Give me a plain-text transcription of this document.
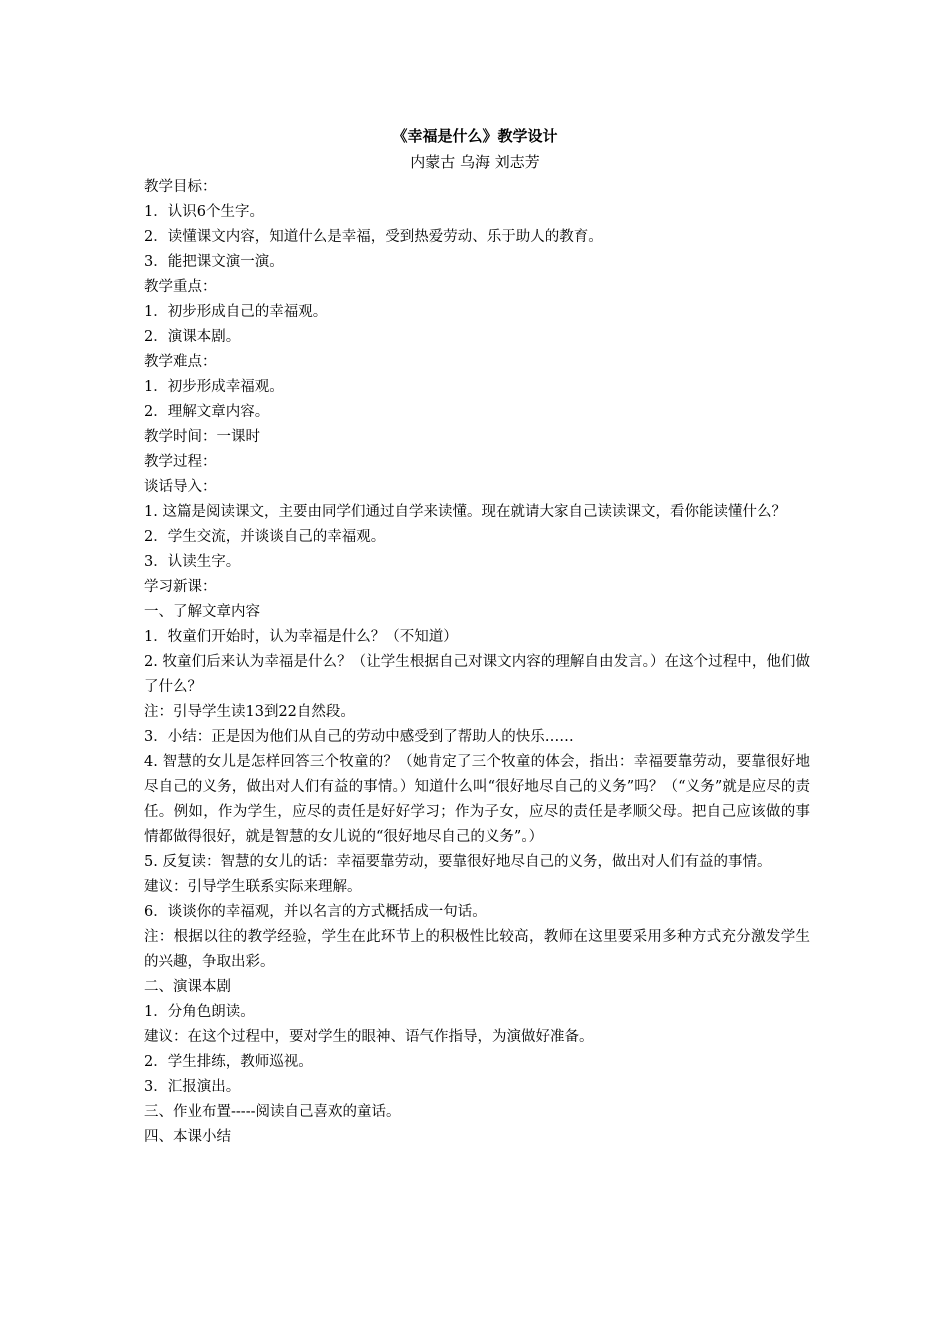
《幸福是什么》教学设计
内蒙古 乌海 刘志芳

教学目标：

1．认识6个生字。

2．读懂课文内容，知道什么是幸福，受到热爱劳动、乐于助人的教育。

3．能把课文演一演。

教学重点：

1．初步形成自己的幸福观。

2．演课本剧。

教学难点：

1．初步形成幸福观。

2．理解文章内容。

教学时间：一课时

教学过程：

谈话导入：

1. 这篇是阅读课文，主要由同学们通过自学来读懂。现在就请大家自己读读课文，看你能读懂什么？

2．学生交流，并谈谈自己的幸福观。

3．认读生字。

学习新课：

一、了解文章内容

1．牧童们开始时，认为幸福是什么？（不知道）

2. 牧童们后来认为幸福是什么？（让学生根据自己对课文内容的理解自由发言。）在这个过程中，他们做了什么？

注：引导学生读13到22自然段。

3．小结：正是因为他们从自己的劳动中感受到了帮助人的快乐……

4. 智慧的女儿是怎样回答三个牧童的？（她肯定了三个牧童的体会，指出：幸福要靠劳动，要靠很好地尽自己的义务，做出对人们有益的事情。）知道什么叫“很好地尽自己的义务”吗？（“义务”就是应尽的责任。例如，作为学生，应尽的责任是好好学习；作为子女，应尽的责任是孝顺父母。把自己应该做的事情都做得很好，就是智慧的女儿说的“很好地尽自己的义务”。）

5. 反复读：智慧的女儿的话：幸福要靠劳动，要靠很好地尽自己的义务，做出对人们有益的事情。

建议：引导学生联系实际来理解。

6．谈谈你的幸福观，并以名言的方式概括成一句话。

注：根据以往的教学经验，学生在此环节上的积极性比较高，教师在这里要采用多种方式充分激发学生的兴趣，争取出彩。

二、演课本剧

1．分角色朗读。

建议：在这个过程中，要对学生的眼神、语气作指导，为演做好准备。

2．学生排练，教师巡视。

3．汇报演出。

三、作业布置-----阅读自己喜欢的童话。

四、本课小结
